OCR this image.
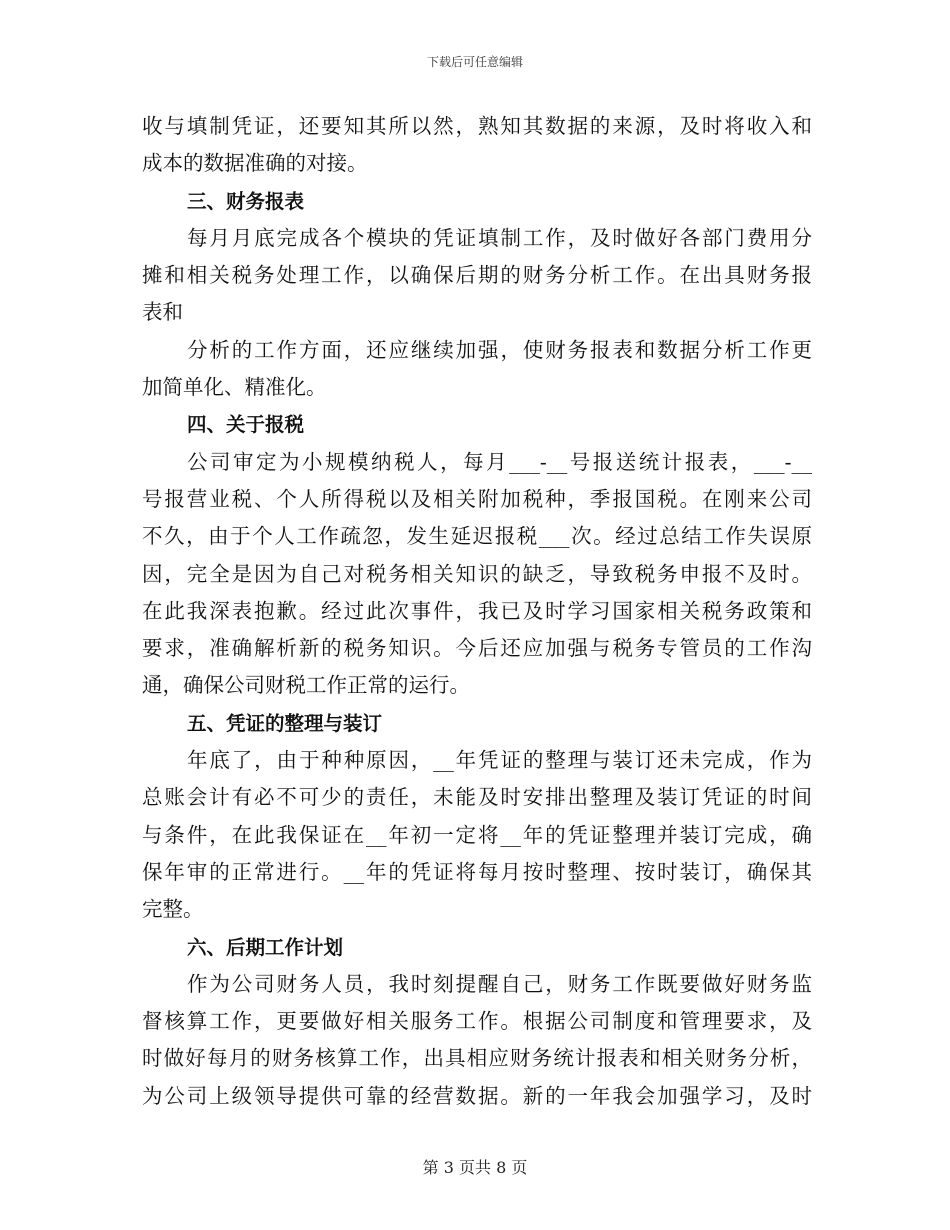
下载后可任意编辑
收与填制凭证，还要知其所以然，熟知其数据的来源，及时将收入和
成本的数据准确的对接。
三、财务报表
每月月底完成各个模块的凭证填制工作，及时做好各部门费用分
摊和相关税务处理工作，以确保后期的财务分析工作。在出具财务报
表和
分析的工作方面，还应继续加强，使财务报表和数据分析工作更
加简单化、精准化。
四、关于报税
公司审定为小规模纳税人，每月___-__号报送统计报表，___-__
号报营业税、个人所得税以及相关附加税种，季报国税。在刚来公司
不久，由于个人工作疏忽，发生延迟报税___次。经过总结工作失误原
因，完全是因为自己对税务相关知识的缺乏，导致税务申报不及时。
在此我深表抱歉。经过此次事件，我已及时学习国家相关税务政策和
要求，准确解析新的税务知识。今后还应加强与税务专管员的工作沟
通，确保公司财税工作正常的运行。
五、凭证的整理与装订
年底了，由于种种原因，__年凭证的整理与装订还未完成，作为
总账会计有必不可少的责任，未能及时安排出整理及装订凭证的时间
与条件，在此我保证在__年初一定将__年的凭证整理并装订完成，确
保年审的正常进行。__年的凭证将每月按时整理、按时装订，确保其
完整。
六、后期工作计划
作为公司财务人员，我时刻提醒自己，财务工作既要做好财务监
督核算工作，更要做好相关服务工作。根据公司制度和管理要求，及
时做好每月的财务核算工作，出具相应财务统计报表和相关财务分析，
为公司上级领导提供可靠的经营数据。新的一年我会加强学习，及时
第 3 页共 8 页
